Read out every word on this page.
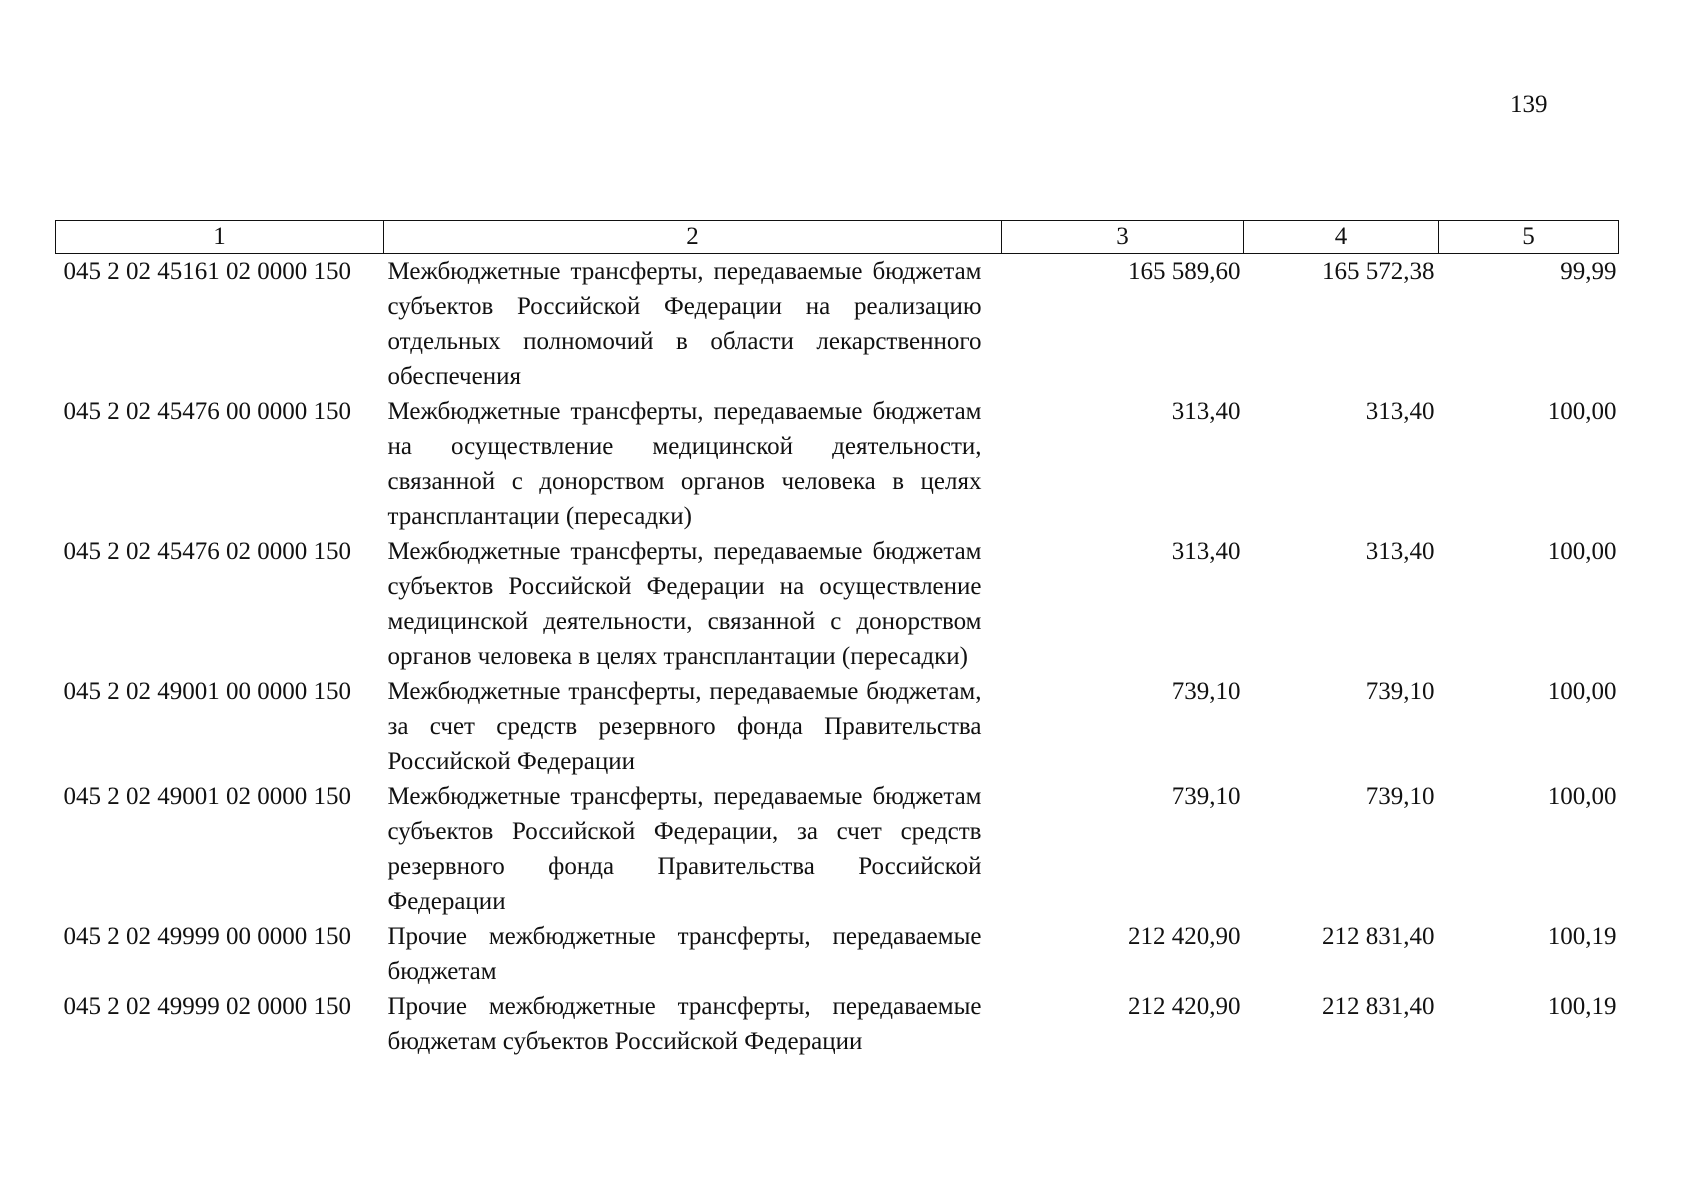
139
1	2	3	4	5
045 2 02 45161 02 0000 150	Межбюджетные трансферты, передаваемые бюджетам субъектов Российской Федерации на реализацию отдельных полномочий в области лекарственного обеспечения	165 589,60	165 572,38	99,99
045 2 02 45476 00 0000 150	Межбюджетные трансферты, передаваемые бюджетам на осуществление медицинской деятельности, связанной с донорством органов человека в целях трансплантации (пересадки)	313,40	313,40	100,00
045 2 02 45476 02 0000 150	Межбюджетные трансферты, передаваемые бюджетам субъектов Российской Федерации на осуществление медицинской деятельности, связанной с донорством органов человека в целях трансплантации (пересадки)	313,40	313,40	100,00
045 2 02 49001 00 0000 150	Межбюджетные трансферты, передаваемые бюджетам, за счет средств резервного фонда Правительства Российской Федерации	739,10	739,10	100,00
045 2 02 49001 02 0000 150	Межбюджетные трансферты, передаваемые бюджетам субъектов Российской Федерации, за счет средств резервного фонда Правительства Российской Федерации	739,10	739,10	100,00
045 2 02 49999 00 0000 150	Прочие межбюджетные трансферты, передаваемые бюджетам	212 420,90	212 831,40	100,19
045 2 02 49999 02 0000 150	Прочие межбюджетные трансферты, передаваемые бюджетам субъектов Российской Федерации	212 420,90	212 831,40	100,19
